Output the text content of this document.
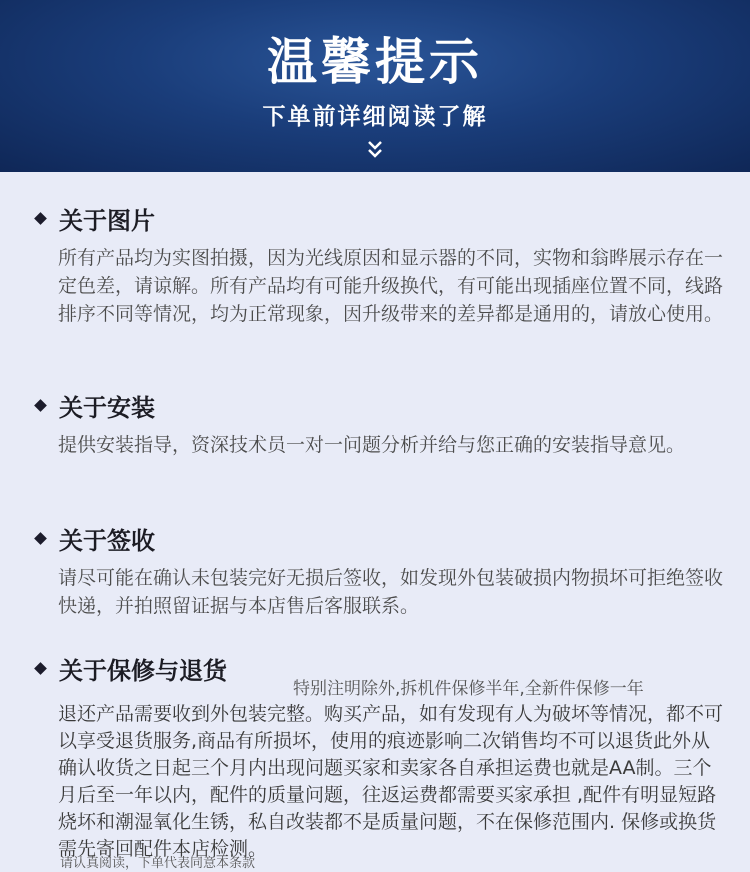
温馨提示
下单前详细阅读了解
关于图片
所有产品均为实图拍摄，因为光线原因和显示器的不同，实物和翁晔展示存在一定色差，请谅解。所有产品均有可能升级换代，有可能出现插座位置不同，线路排序不同等情况，均为正常现象，因升级带来的差异都是通用的，请放心使用。
关于安装
提供安装指导，资深技术员一对一问题分析并给与您正确的安装指导意见。
关于签收
请尽可能在确认未包装完好无损后签收，如发现外包装破损内物损坏可拒绝签收快递，并拍照留证据与本店售后客服联系。
关于保修与退货
特别注明除外,拆机件保修半年,全新件保修一年
退还产品需要收到外包装完整。购买产品，如有发现有人为破坏等情况，都不可以享受退货服务,商品有所损坏，使用的痕迹影响二次销售均不可以退货此外从确认收货之日起三个月内出现问题买家和卖家各自承担运费也就是AA制。三个月后至一年以内，配件的质量问题，往返运费都需要买家承担 ,配件有明显短路烧坏和潮湿氧化生锈，私自改装都不是质量问题，不在保修范围内. 保修或换货需先寄回配件本店检测。
请认真阅读，下单代表同意本条款
